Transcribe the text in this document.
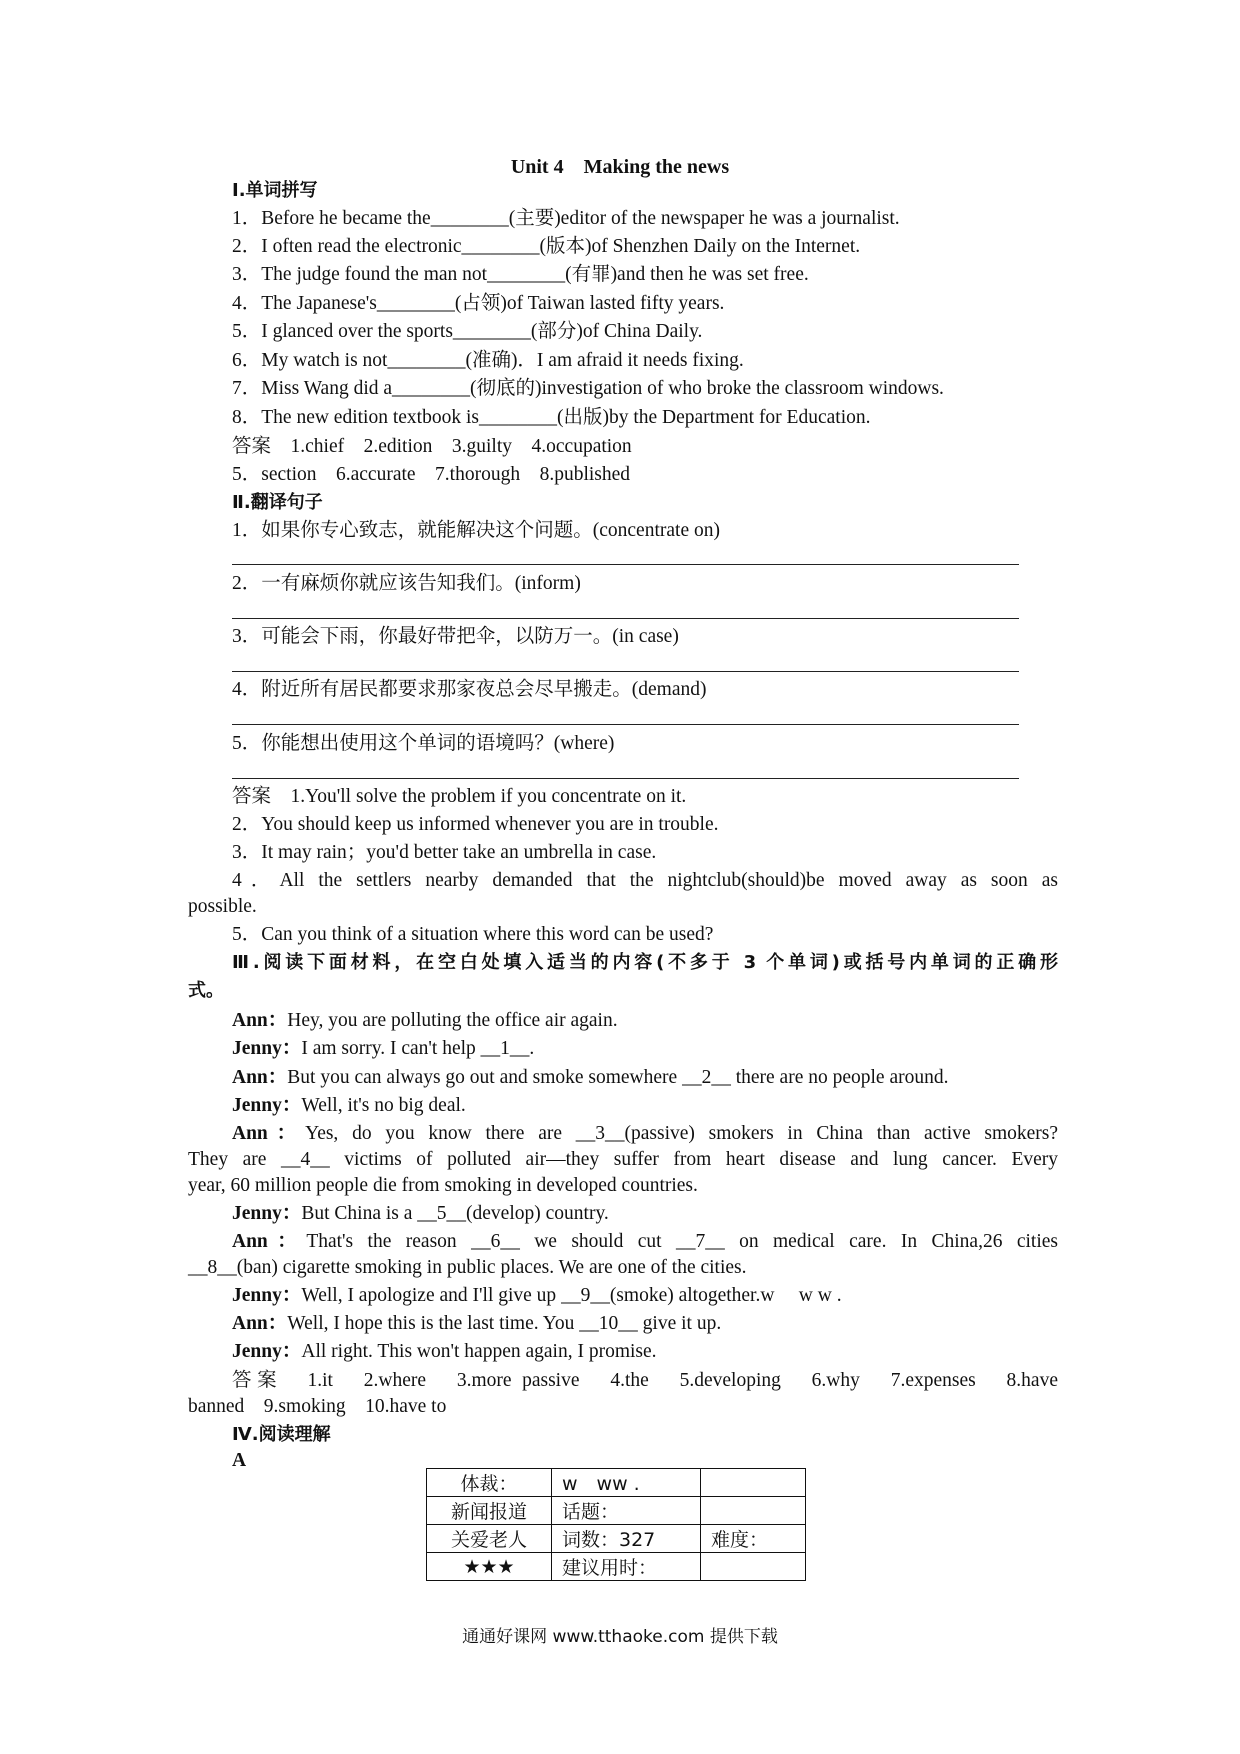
Unit 4　Making the news
Ⅰ.单词拼写
1．Before he became the________(主要)editor of the newspaper he was a journalist.
2．I often read the electronic________(版本)of Shenzhen Daily on the Internet.
3．The judge found the man not________(有罪)and then he was set free.
4．The Japanese's________(占领)of Taiwan lasted fifty years.
5．I glanced over the sports________(部分)of China Daily.
6．My watch is not________(准确)．I am afraid it needs fixing.
7．Miss Wang did a________(彻底的)investigation of who broke the classroom windows.
8．The new edition textbook is________(出版)by the Department for Education.
答案　1.chief　2.edition　3.guilty　4.occupation
5．section　6.accurate　7.thorough　8.published
Ⅱ.翻译句子
1．如果你专心致志，就能解决这个问题。(concentrate on)
2．一有麻烦你就应该告知我们。(inform)
3．可能会下雨，你最好带把伞，以防万一。(in case)
4．附近所有居民都要求那家夜总会尽早搬走。(demand)
5．你能想出使用这个单词的语境吗？(where)
答案　1.You'll solve the problem if you concentrate on it.
2．You should keep us informed whenever you are in trouble.
3．It may rain；you'd better take an umbrella in case.
4．All the settlers nearby demanded that the nightclub(should)be moved away as soon as
possible.
5．Can you think of a situation where this word can be used?
Ⅲ.阅读下面材料，在空白处填入适当的内容(不多于 3 个单词)或括号内单词的正确形
式。
Ann：Hey, you are polluting the office air again.
Jenny：I am sorry. I can't help __1__.
Ann：But you can always go out and smoke somewhere __2__ there are no people around.
Jenny：Well, it's no big deal.
Ann：Yes, do you know there are __3__(passive) smokers in China than active smokers?
They are __4__ victims of polluted air—they suffer from heart disease and lung cancer. Every
year, 60 million people die from smoking in developed countries.
Jenny：But China is a __5__(develop) country.
Ann：That's the reason __6__ we should cut __7__ on medical care. In China,26 cities
__8__(ban) cigarette smoking in public places. We are one of the cities.
Jenny：Well, I apologize and I'll give up __9__(smoke) altogether.w　 w w .
Ann：Well, I hope this is the last time. You __10__ give it up.
Jenny：All right. This won't happen again, I promise.
答案　1.it　2.where　3.more passive　4.the　5.developing　6.why　7.expenses　8.have
banned　9.smoking　10.have to
Ⅳ.阅读理解
A
体裁：	w　ww .	
新闻报道	话题：	
关爱老人	词数：327	难度：
★★★	建议用时：	
通通好课网 www.tthaoke.com 提供下载
